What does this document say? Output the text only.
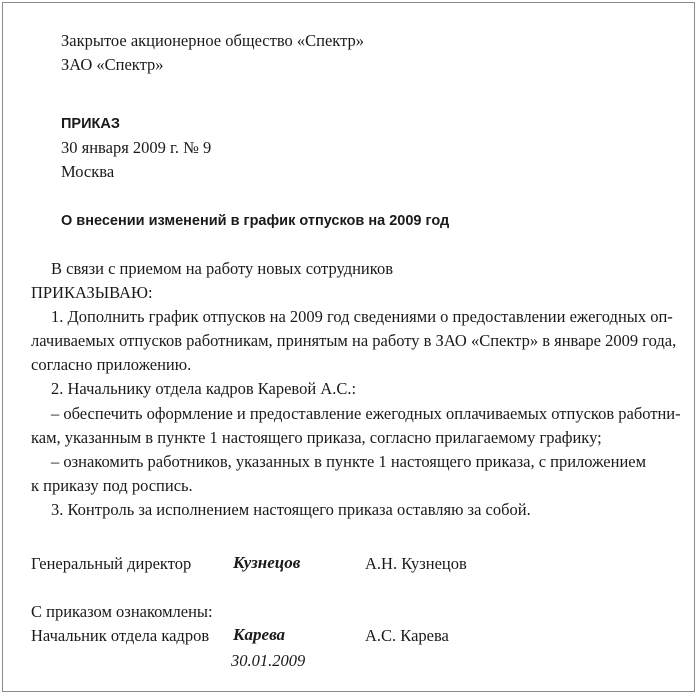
Закрытое акционерное общество «Спектр»

ЗАО «Спектр»

ПРИКАЗ

30 января 2009 г. № 9

Москва

О внесении изменений в график отпусков на 2009 год

В связи с приемом на работу новых сотрудников

ПРИКАЗЫВАЮ:

1. Дополнить график отпусков на 2009 год сведениями о предоставлении ежегодных оп-

лачиваемых отпусков работникам, принятым на работу в ЗАО «Спектр» в январе 2009 года,

согласно приложению.

2. Начальнику отдела кадров Каревой А.С.:

– обеспечить оформление и предоставление ежегодных оплачиваемых отпусков работни-

кам, указанным в пункте 1 настоящего приказа, согласно прилагаемому графику;

– ознакомить работников, указанных в пункте 1 настоящего приказа, с приложением

к приказу под роспись.

3. Контроль за исполнением настоящего приказа оставляю за собой.

Генеральный директор Кузнецов	А.Н. Кузнецов

С приказом ознакомлены:

Начальник отдела кадров Карева	А.С. Карева

30.01.2009
